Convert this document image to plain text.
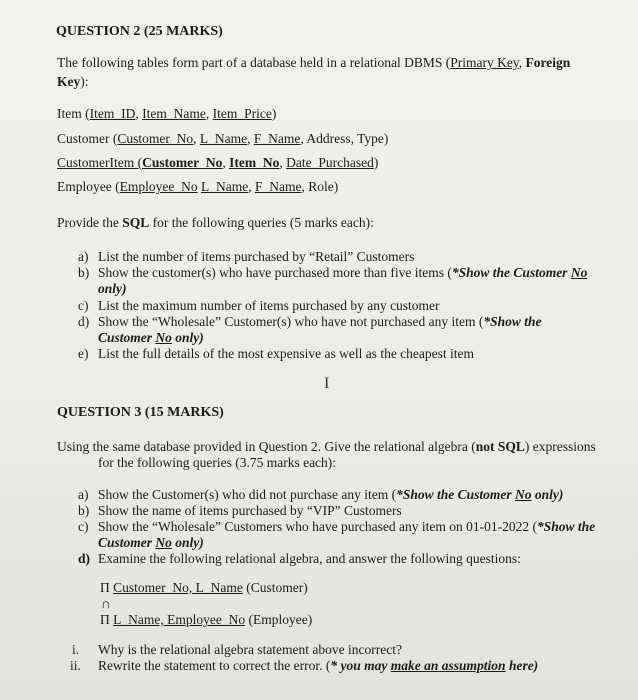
QUESTION 2 (25 MARKS)
The following tables form part of a database held in a relational DBMS (Primary Key, Foreign
Key):
Item (Item_ID, Item_Name, Item_Price)
Customer (Customer_No, L_Name, F_Name, Address, Type)
CustomerItem (Customer_No, Item_No, Date_Purchased)
Employee (Employee_No L_Name, F_Name, Role)
Provide the SQL for the following queries (5 marks each):
a) List the number of items purchased by “Retail” Customers
b) Show the customer(s) who have purchased more than five items (*Show the Customer No
only)
c) List the maximum number of items purchased by any customer
d) Show the “Wholesale” Customer(s) who have not purchased any item (*Show the
Customer No only)
e) List the full details of the most expensive as well as the cheapest item
I
QUESTION 3 (15 MARKS)
Using the same database provided in Question 2. Give the relational algebra (not SQL) expressions
for the following queries (3.75 marks each):
a) Show the Customer(s) who did not purchase any item (*Show the Customer No only)
b) Show the name of items purchased by “VIP” Customers
c) Show the “Wholesale” Customers who have purchased any item on 01-01-2022 (*Show the
Customer No only)
d) Examine the following relational algebra, and answer the following questions:
Π Customer_No, L_Name (Customer)
∩
Π L_Name, Employee_No (Employee)
i. Why is the relational algebra statement above incorrect?
ii. Rewrite the statement to correct the error. (* you may make an assumption here)
